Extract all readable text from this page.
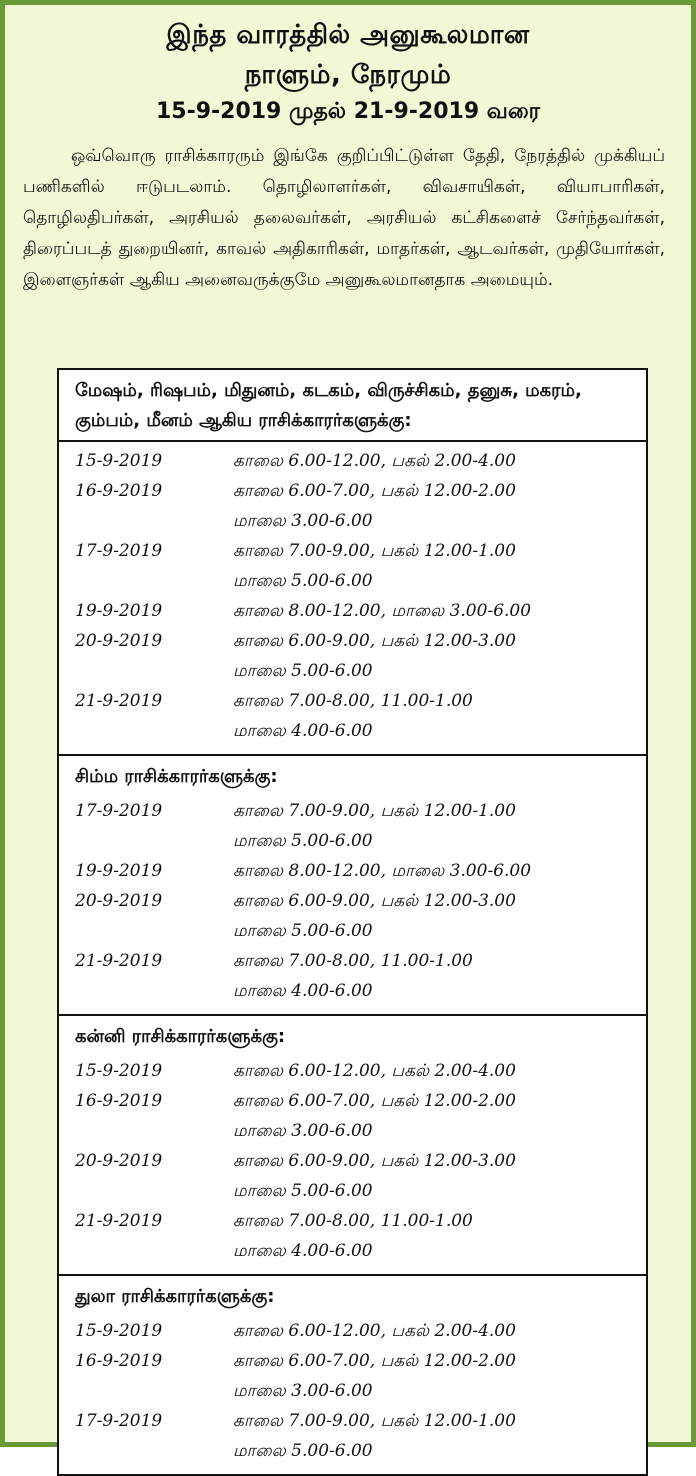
இந்த வாரத்தில் அனுகூலமான
நாளும், நேரமும்
15-9-2019 முதல் 21-9-2019 வரை
ஒவ்வொரு ராசிக்காரரும் இங்கே குறிப்பிட்டுள்ள தேதி, நேரத்தில் முக்கியப் பணிகளில் ஈடுபடலாம். தொழிலாளர்கள், விவசாயிகள், வியாபாரிகள், தொழிலதிபர்கள், அரசியல் தலைவர்கள், அரசியல் கட்சிகளைச் சேர்ந்தவர்கள், திரைப்படத் துறையினர், காவல் அதிகாரிகள், மாதர்கள், ஆடவர்கள், முதியோர்கள், இளைஞர்கள் ஆகிய அனைவருக்குமே அனுகூலமானதாக அமையும்.
மேஷம், ரிஷபம், மிதுனம், கடகம், விருச்சிகம், தனுசு, மகரம், கும்பம், மீனம் ஆகிய ராசிக்காரர்களுக்கு:
15-9-2019	காலை 6.00-12.00, பகல் 2.00-4.00
16-9-2019	காலை 6.00-7.00, பகல் 12.00-2.00
மாலை 3.00-6.00
17-9-2019	காலை 7.00-9.00, பகல் 12.00-1.00
மாலை 5.00-6.00
19-9-2019	காலை 8.00-12.00, மாலை 3.00-6.00
20-9-2019	காலை 6.00-9.00, பகல் 12.00-3.00
மாலை 5.00-6.00
21-9-2019	காலை 7.00-8.00, 11.00-1.00
மாலை 4.00-6.00
சிம்ம ராசிக்காரர்களுக்கு:
17-9-2019	காலை 7.00-9.00, பகல் 12.00-1.00
மாலை 5.00-6.00
19-9-2019	காலை 8.00-12.00, மாலை 3.00-6.00
20-9-2019	காலை 6.00-9.00, பகல் 12.00-3.00
மாலை 5.00-6.00
21-9-2019	காலை 7.00-8.00, 11.00-1.00
மாலை 4.00-6.00
கன்னி ராசிக்காரர்களுக்கு:
15-9-2019	காலை 6.00-12.00, பகல் 2.00-4.00
16-9-2019	காலை 6.00-7.00, பகல் 12.00-2.00
மாலை 3.00-6.00
20-9-2019	காலை 6.00-9.00, பகல் 12.00-3.00
மாலை 5.00-6.00
21-9-2019	காலை 7.00-8.00, 11.00-1.00
மாலை 4.00-6.00
துலா ராசிக்காரர்களுக்கு:
15-9-2019	காலை 6.00-12.00, பகல் 2.00-4.00
16-9-2019	காலை 6.00-7.00, பகல் 12.00-2.00
மாலை 3.00-6.00
17-9-2019	காலை 7.00-9.00, பகல் 12.00-1.00
மாலை 5.00-6.00
